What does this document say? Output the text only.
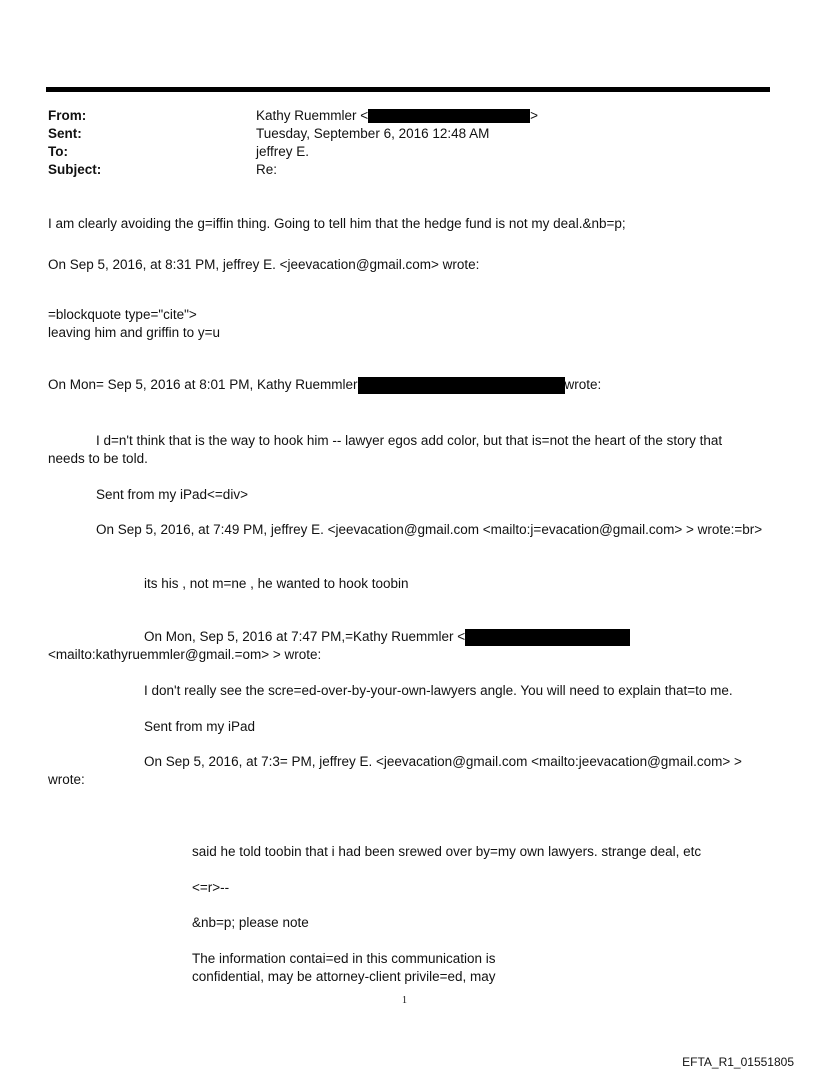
From:	Kathy Ruemmler <	>
Sent:	Tuesday, September 6, 2016 12:48 AM
To:	jeffrey E.
Subject:	Re:
I am clearly avoiding the g=iffin thing. Going to tell him that the hedge fund is not my deal.&nb=p;
On Sep 5, 2016, at 8:31 PM, jeffrey E. <jeevacation@gmail.com> wrote:
=blockquote type="cite">
leaving him and griffin to y=u
On Mon= Sep 5, 2016 at 8:01 PM, Kathy Ruemmler	wrote:
I d=n't think that is the way to hook him -- lawyer egos add color, but that is=not the heart of the story that
needs to be told.
Sent from my iPad<=div>
On Sep 5, 2016, at 7:49 PM, jeffrey E. <jeevacation@gmail.com <mailto:j=evacation@gmail.com> > wrote:=br>
its his , not m=ne , he wanted to hook toobin
On Mon, Sep 5, 2016 at 7:47 PM,=Kathy Ruemmler <
<mailto:kathyruemmler@gmail.=om> > wrote:
I don't really see the scre=ed-over-by-your-own-lawyers angle. You will need to explain that=to me.
Sent from my iPad
On Sep 5, 2016, at 7:3= PM, jeffrey E. <jeevacation@gmail.com <mailto:jeevacation@gmail.com> >
wrote:
said he told toobin that i had been srewed over by=my own lawyers. strange deal, etc
<=r>--
&nb=p; please note
The information contai=ed in this communication is
confidential, may be attorney-client privile=ed, may
1
EFTA_R1_01551805
